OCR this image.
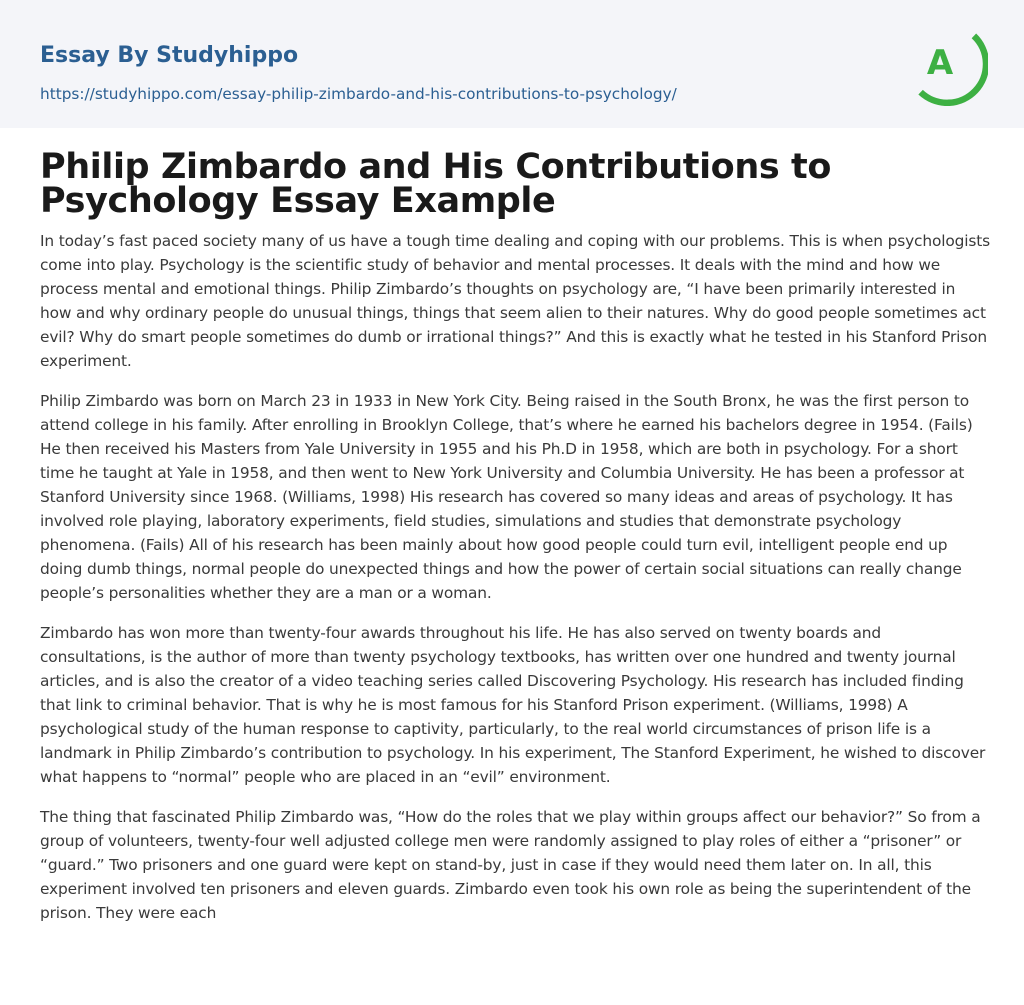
Essay By Studyhippo
https://studyhippo.com/essay-philip-zimbardo-and-his-contributions-to-psychology/
A
Philip Zimbardo and His Contributions to Psychology Essay Example

In today’s fast paced society many of us have a tough time dealing and coping with our problems. This is when psychologists come into play. Psychology is the scientific study of behavior and mental processes. It deals with the mind and how we process mental and emotional things. Philip Zimbardo’s thoughts on psychology are, “I have been primarily interested in how and why ordinary people do unusual things, things that seem alien to their natures. Why do good people sometimes act evil? Why do smart people sometimes do dumb or irrational things?” And this is exactly what he tested in his Stanford Prison experiment.

Philip Zimbardo was born on March 23 in 1933 in New York City. Being raised in the South Bronx, he was the first person to attend college in his family. After enrolling in Brooklyn College, that’s where he earned his bachelors degree in 1954. (Fails) He then received his Masters from Yale University in 1955 and his Ph.D in 1958, which are both in psychology. For a short time he taught at Yale in 1958, and then went to New York University and Columbia University. He has been a professor at Stanford University since 1968. (Williams, 1998) His research has covered so many ideas and areas of psychology. It has involved role playing, laboratory experiments, field studies, simulations and studies that demonstrate psychology phenomena. (Fails) All of his research has been mainly about how good people could turn evil, intelligent people end up doing dumb things, normal people do unexpected things and how the power of certain social situations can really change people’s personalities whether they are a man or a woman.

Zimbardo has won more than twenty-four awards throughout his life. He has also served on twenty boards and consultations, is the author of more than twenty psychology textbooks, has written over one hundred and twenty journal articles, and is also the creator of a video teaching series called Discovering Psychology. His research has included finding that link to criminal behavior. That is why he is most famous for his Stanford Prison experiment. (Williams, 1998) A psychological study of the human response to captivity, particularly, to the real world circumstances of prison life is a landmark in Philip Zimbardo’s contribution to psychology. In his experiment, The Stanford Experiment, he wished to discover what happens to “normal” people who are placed in an “evil” environment.

The thing that fascinated Philip Zimbardo was, “How do the roles that we play within groups affect our behavior?” So from a group of volunteers, twenty-four well adjusted college men were randomly assigned to play roles of either a “prisoner” or “guard.” Two prisoners and one guard were kept on stand-by, just in case if they would need them later on. In all, this experiment involved ten prisoners and eleven guards. Zimbardo even took his own role as being the superintendent of the prison. They were each
